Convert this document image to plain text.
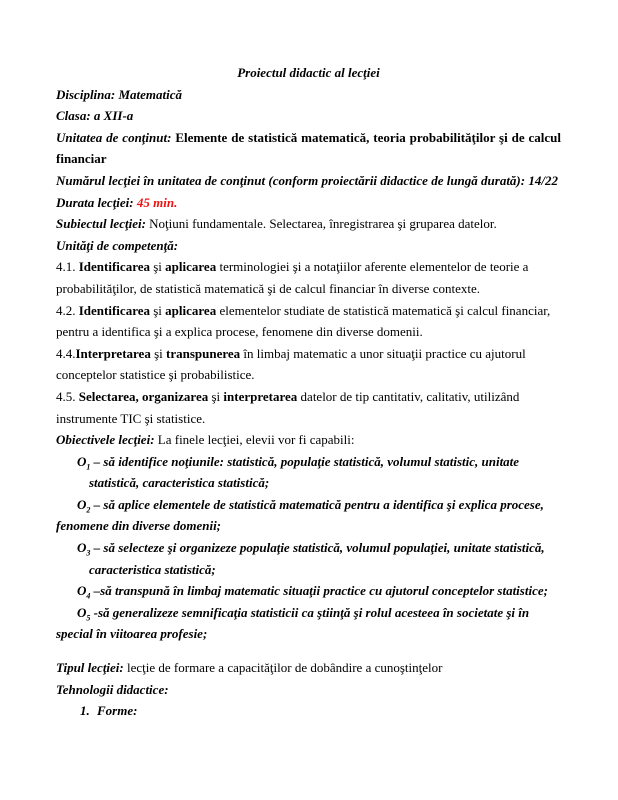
Proiectul didactic al lecţiei

Disciplina: Matematică

Clasa: a XII-a

Unitatea de conţinut: Elemente de statistică matematică, teoria probabilităţilor şi de calcul financiar

Numărul lecţiei în unitatea de conţinut (conform proiectării didactice de lungă durată): 14/22

Durata lecţiei: 45 min.

Subiectul lecţiei: Noţiuni fundamentale. Selectarea, înregistrarea şi gruparea datelor.

Unităţi de competenţă:

4.1. Identificarea şi aplicarea terminologiei şi a notaţiilor aferente elementelor de teorie a probabilităţilor, de statistică matematică şi de calcul financiar în diverse contexte.

4.2. Identificarea şi aplicarea elementelor studiate de statistică matematică şi calcul financiar, pentru a identifica şi a explica procese, fenomene din diverse domenii.

4.4.Interpretarea şi transpunerea în limbaj matematic a unor situaţii practice cu ajutorul conceptelor statistice şi probabilistice.

4.5. Selectarea, organizarea şi interpretarea datelor de tip cantitativ, calitativ, utilizând instrumente TIC şi statistice.

Obiectivele lecţiei: La finele lecţiei, elevii vor fi capabili:

$O_1$ – să identifice noţiunile: statistică, populaţie statistică, volumul statistic, unitate statistică, caracteristica statistică;

$O_2$ – să aplice elementele de statistică matematică pentru a identifica şi explica procese, fenomene din diverse domenii;

$O_3$ – să selecteze şi organizeze populaţie statistică, volumul populaţiei, unitate statistică, caracteristica statistică;

$O_4$ –să transpună în limbaj matematic situaţii practice cu ajutorul conceptelor statistice;

$O_5$ -să generalizeze semnificaţia statisticii ca ştiinţă şi rolul acesteea în societate şi în special în viitoarea profesie;

Tipul lecţiei: lecţie de formare a capacităţilor de dobândire a cunoştinţelor

Tehnologii didactice:

1. Forme:
